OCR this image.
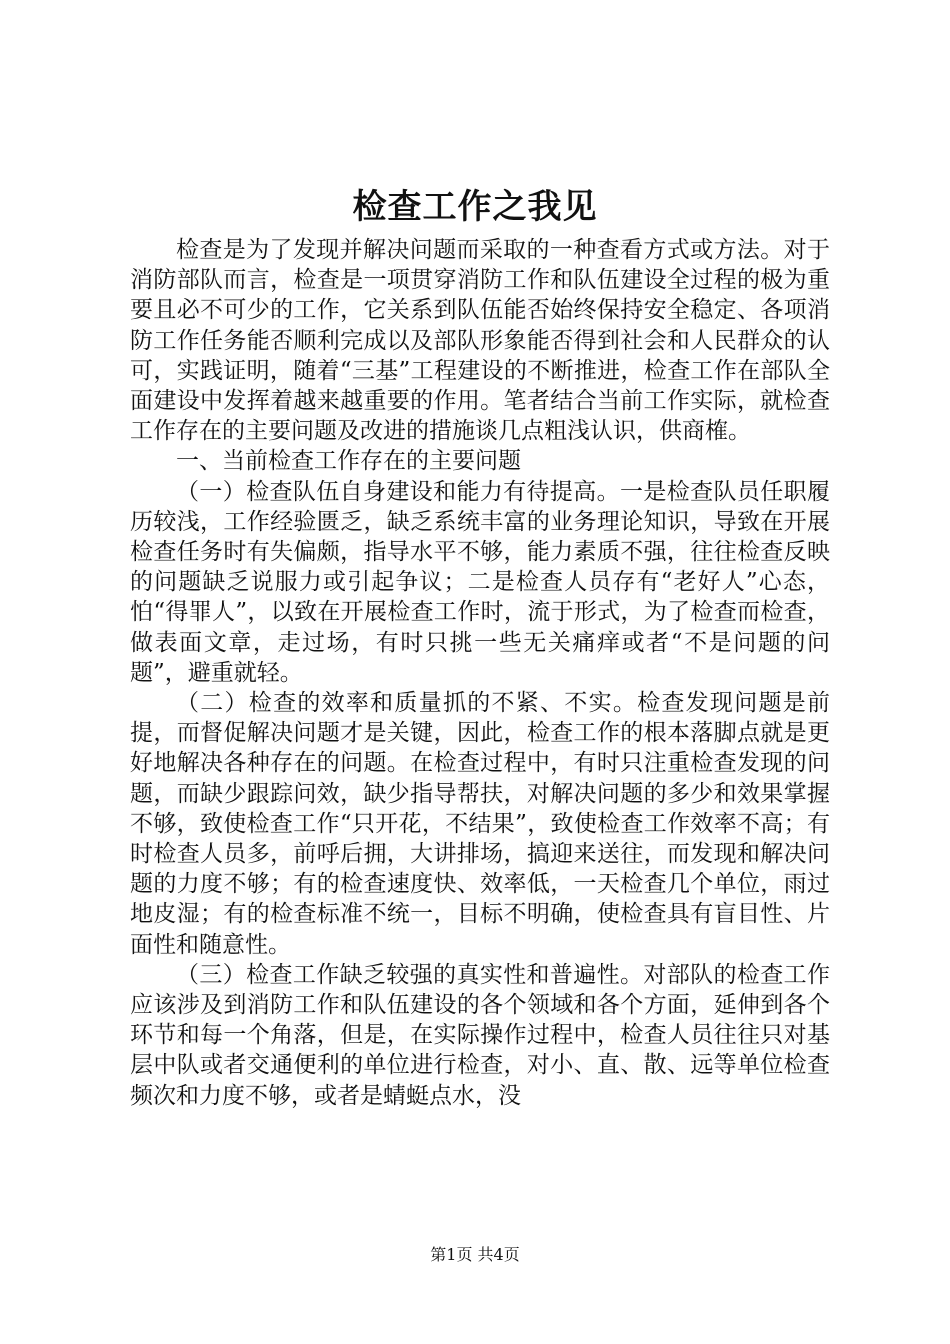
检查工作之我见

检查是为了发现并解决问题而采取的一种查看方式或方法。对于消防部队而言，检查是一项贯穿消防工作和队伍建设全过程的极为重要且必不可少的工作，它关系到队伍能否始终保持安全稳定、各项消防工作任务能否顺利完成以及部队形象能否得到社会和人民群众的认可，实践证明，随着“三基”工程建设的不断推进，检查工作在部队全面建设中发挥着越来越重要的作用。笔者结合当前工作实际，就检查工作存在的主要问题及改进的措施谈几点粗浅认识，供商榷。

一、当前检查工作存在的主要问题

（一）检查队伍自身建设和能力有待提高。一是检查队员任职履历较浅，工作经验匮乏，缺乏系统丰富的业务理论知识，导致在开展检查任务时有失偏颇，指导水平不够，能力素质不强，往往检查反映的问题缺乏说服力或引起争议；二是检查人员存有“老好人”心态，怕“得罪人”，以致在开展检查工作时，流于形式，为了检查而检查，做表面文章，走过场，有时只挑一些无关痛痒或者“不是问题的问题”，避重就轻。

（二）检查的效率和质量抓的不紧、不实。检查发现问题是前提，而督促解决问题才是关键，因此，检查工作的根本落脚点就是更好地解决各种存在的问题。在检查过程中，有时只注重检查发现的问题，而缺少跟踪问效，缺少指导帮扶，对解决问题的多少和效果掌握不够，致使检查工作“只开花，不结果”，致使检查工作效率不高；有时检查人员多，前呼后拥，大讲排场，搞迎来送往，而发现和解决问题的力度不够；有的检查速度快、效率低，一天检查几个单位，雨过地皮湿；有的检查标准不统一，目标不明确，使检查具有盲目性、片面性和随意性。

（三）检查工作缺乏较强的真实性和普遍性。对部队的检查工作应该涉及到消防工作和队伍建设的各个领域和各个方面，延伸到各个环节和每一个角落，但是，在实际操作过程中，检查人员往往只对基层中队或者交通便利的单位进行检查，对小、直、散、远等单位检查频次和力度不够，或者是蜻蜓点水，没

第1页 共4页
